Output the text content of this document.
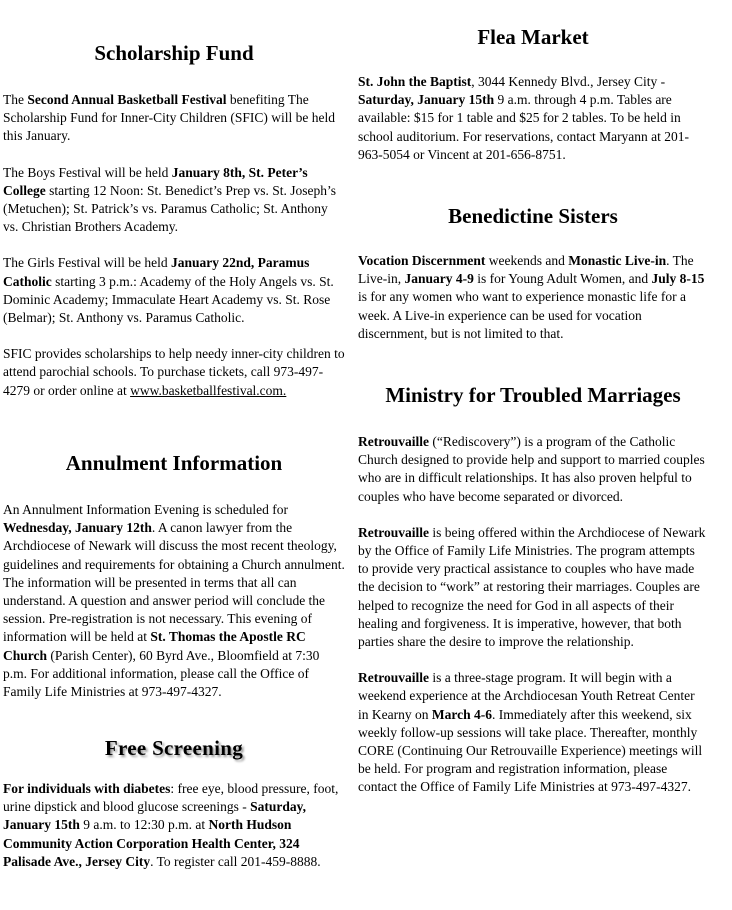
Scholarship Fund

The Second Annual Basketball Festival benefiting The Scholarship Fund for Inner-City Children (SFIC) will be held this January.

The Boys Festival will be held January 8th, St. Peter’s College starting 12 Noon: St. Benedict’s Prep vs. St. Joseph’s (Metuchen); St. Patrick’s vs. Paramus Catholic; St. Anthony vs. Christian Brothers Academy.

The Girls Festival will be held January 22nd, Paramus Catholic starting 3 p.m.: Academy of the Holy Angels vs. St. Dominic Academy; Immaculate Heart Academy vs. St. Rose (Belmar); St. Anthony vs. Paramus Catholic.

SFIC provides scholarships to help needy inner-city children to attend parochial schools. To purchase tickets, call 973-497-4279 or order online at www.basketballfestival.com.

Annulment Information

An Annulment Information Evening is scheduled for Wednesday, January 12th. A canon lawyer from the Archdiocese of Newark will discuss the most recent theology, guidelines and requirements for obtaining a Church annulment. The information will be presented in terms that all can understand. A question and answer period will conclude the session. Pre-registration is not necessary. This evening of information will be held at St. Thomas the Apostle RC Church (Parish Center), 60 Byrd Ave., Bloomfield at 7:30 p.m. For additional information, please call the Office of Family Life Ministries at 973-497-4327.

Free Screening

For individuals with diabetes: free eye, blood pressure, foot, urine dipstick and blood glucose screenings - Saturday, January 15th 9 a.m. to 12:30 p.m. at North Hudson Community Action Corporation Health Center, 324 Palisade Ave., Jersey City. To register call 201-459-8888.

Flea Market

St. John the Baptist, 3044 Kennedy Blvd., Jersey City - Saturday, January 15th 9 a.m. through 4 p.m. Tables are available: $15 for 1 table and $25 for 2 tables. To be held in school auditorium. For reservations, contact Maryann at 201-963-5054 or Vincent at 201-656-8751.

Benedictine Sisters

Vocation Discernment weekends and Monastic Live-in. The Live-in, January 4-9 is for Young Adult Women, and July 8-15 is for any women who want to experience monastic life for a week. A Live-in experience can be used for vocation discernment, but is not limited to that.

Ministry for Troubled Marriages

Retrouvaille (“Rediscovery”) is a program of the Catholic Church designed to provide help and support to married couples who are in difficult relationships. It has also proven helpful to couples who have become separated or divorced.

Retrouvaille is being offered within the Archdiocese of Newark by the Office of Family Life Ministries. The program attempts to provide very practical assistance to couples who have made the decision to “work” at restoring their marriages. Couples are helped to recognize the need for God in all aspects of their healing and forgiveness. It is imperative, however, that both parties share the desire to improve the relationship.

Retrouvaille is a three-stage program. It will begin with a weekend experience at the Archdiocesan Youth Retreat Center in Kearny on March 4-6. Immediately after this weekend, six weekly follow-up sessions will take place. Thereafter, monthly CORE (Continuing Our Retrouvaille Experience) meetings will be held. For program and registration information, please contact the Office of Family Life Ministries at 973-497-4327.
